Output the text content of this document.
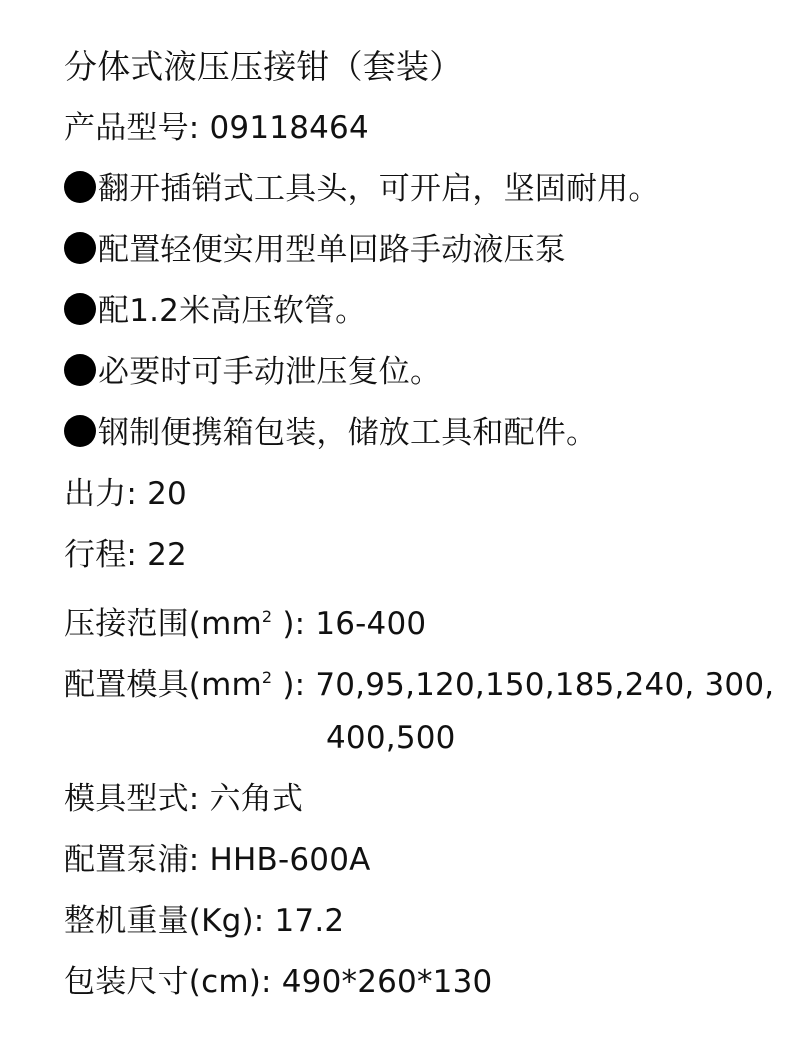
分体式液压压接钳（套装）
产品型号: 09118464
翻开插销式工具头，可开启，坚固耐用。
配置轻便实用型单回路手动液压泵
配1.2米高压软管。
必要时可手动泄压复位。
钢制便携箱包装，储放工具和配件。
出力: 20
行程: 22
压接范围($mm^2$ ): 16-400
配置模具($mm^2$ ): 70,95,120,150,185,240, 300,
400,500
模具型式: 六角式
配置泵浦: HHB-600A
整机重量(Kg): 17.2
包装尺寸(cm): 490*260*130
